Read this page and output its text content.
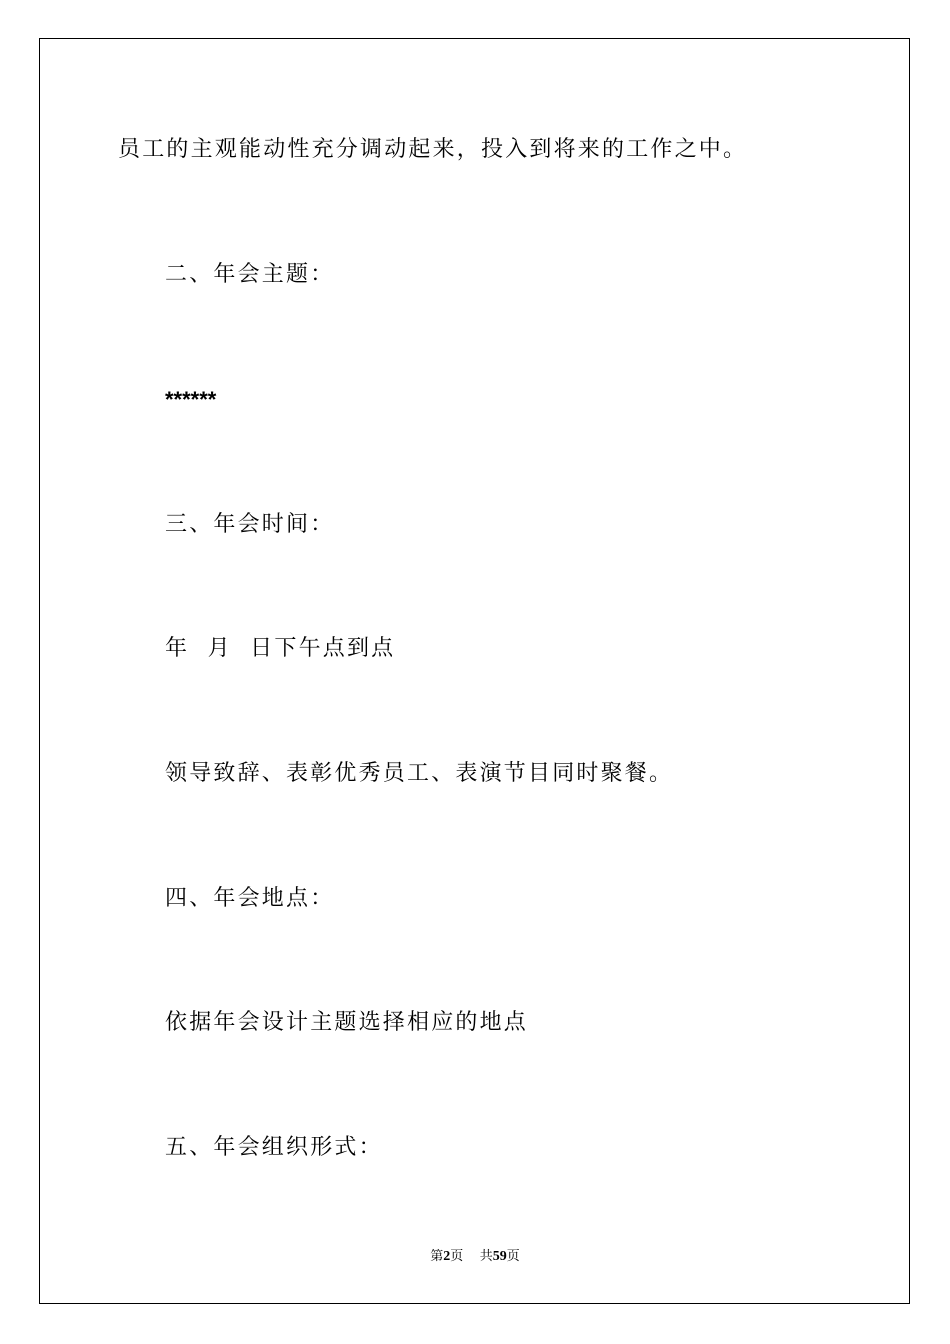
员工的主观能动性充分调动起来，投入到将来的工作之中。
二、年会主题：
******
三、年会时间：
年  月  日下午点到点
领导致辞、表彰优秀员工、表演节目同时聚餐。
四、年会地点：
依据年会设计主题选择相应的地点
五、年会组织形式：
第2页 共59页
